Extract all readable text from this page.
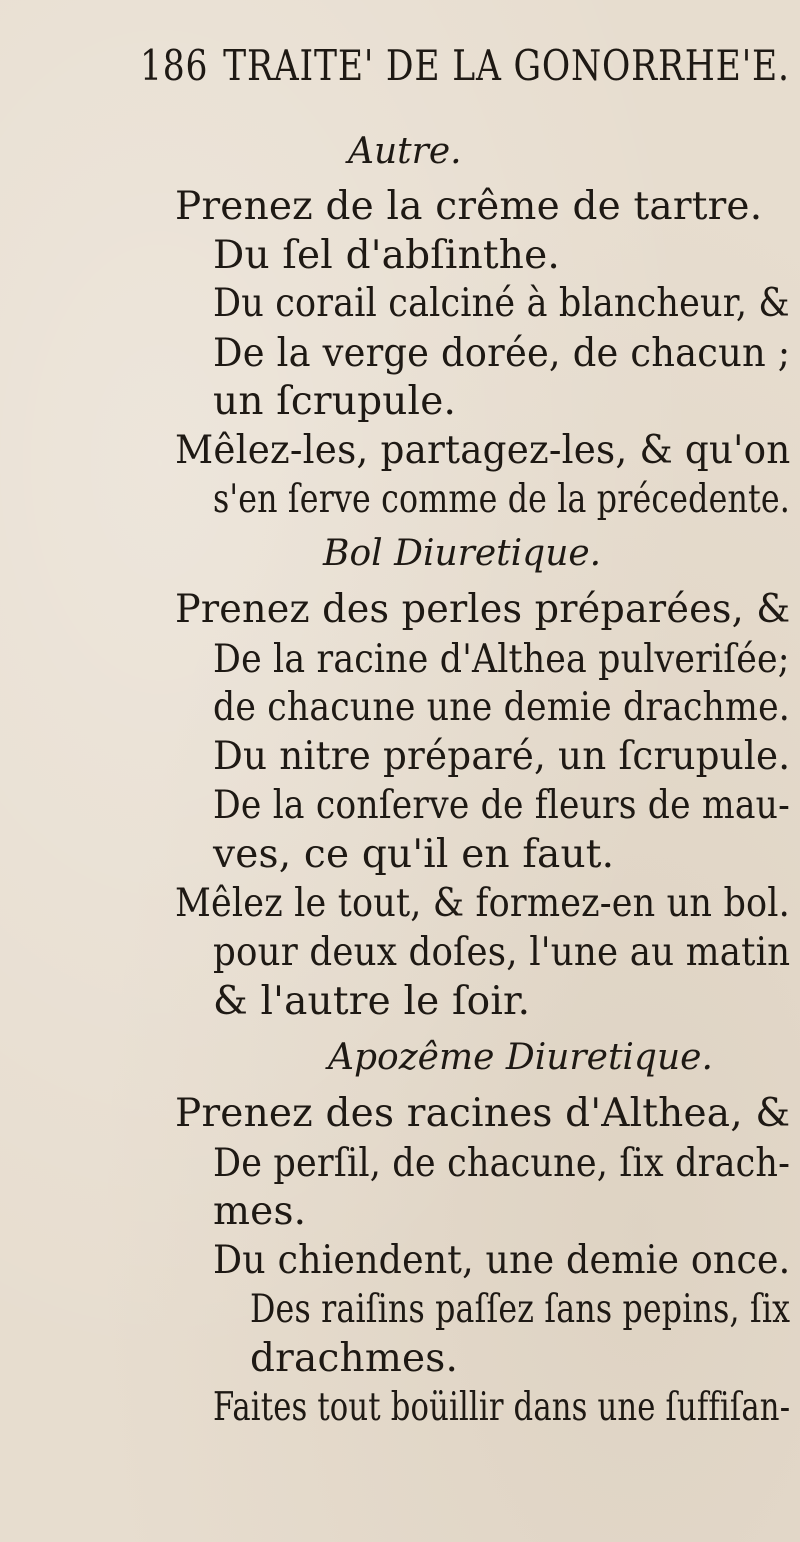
186 TRAITE' DE LA GONORRHE'E.
Autre.
Prenez de la crême de tartre.
Du ſel d'abſinthe.
Du corail calciné à blancheur, &
De la verge dorée, de chacun ;
un ſcrupule.
Mêlez-les, partagez-les, & qu'on
s'en ſerve comme de la précedente.
Bol Diuretique.
Prenez des perles préparées, &
De la racine d'Althea pulveriſée;
de chacune une demie drachme.
Du nitre préparé, un ſcrupule.
De la conſerve de fleurs de mau-
ves, ce qu'il en faut.
Mêlez le tout, & formez-en un bol.
pour deux doſes, l'une au matin
& l'autre le ſoir.
Apozême Diuretique.
Prenez des racines d'Althea, &
De perſil, de chacune, ſix drach-
mes.
Du chiendent, une demie once.
Des raiſins paſſez ſans pepins, ſix
drachmes.
Faites tout boüillir dans une ſuffiſan-
